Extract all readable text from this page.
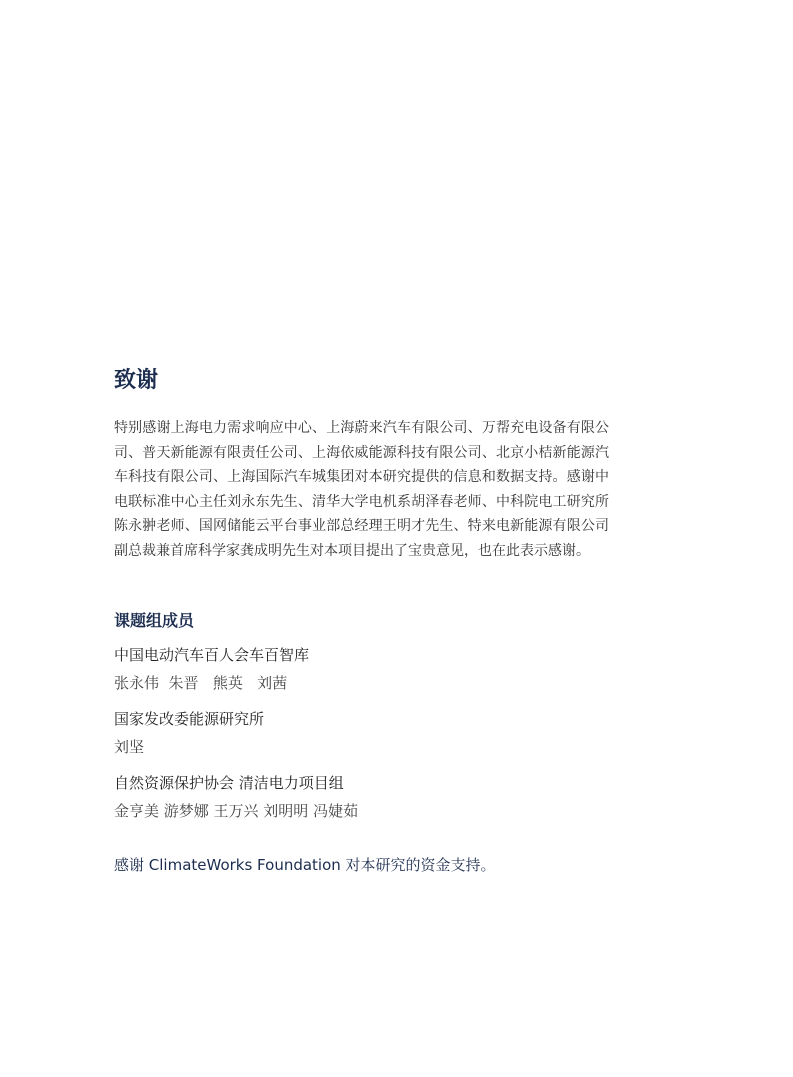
致谢

特别感谢上海电力需求响应中心、上海蔚来汽车有限公司、万帮充电设备有限公司、普天新能源有限责任公司、上海依威能源科技有限公司、北京小桔新能源汽车科技有限公司、上海国际汽车城集团对本研究提供的信息和数据支持。感谢中电联标准中心主任刘永东先生、清华大学电机系胡泽春老师、中科院电工研究所陈永翀老师、国网储能云平台事业部总经理王明才先生、特来电新能源有限公司副总裁兼首席科学家龚成明先生对本项目提出了宝贵意见，也在此表示感谢。

课题组成员

中国电动汽车百人会车百智库

张永伟  朱晋   熊英   刘茜

国家发改委能源研究所

刘坚

自然资源保护协会 清洁电力项目组

金亨美 游梦娜 王万兴 刘明明 冯婕茹

感谢 ClimateWorks Foundation 对本研究的资金支持。
